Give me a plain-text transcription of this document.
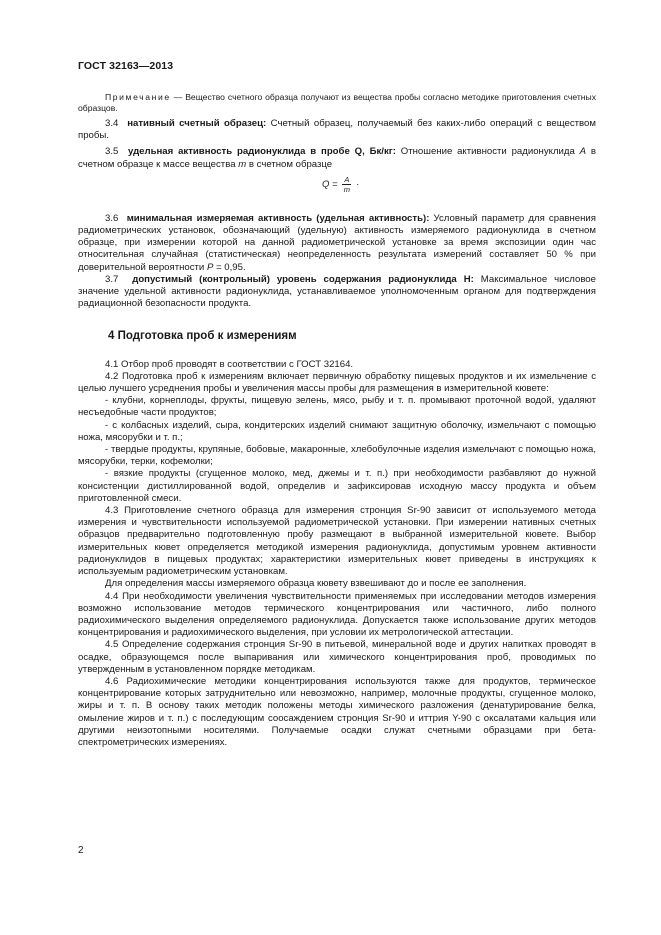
ГОСТ 32163—2013

Примечание — Вещество счетного образца получают из вещества пробы согласно методике приготовления счетных образцов.

3.4 нативный счетный образец: Счетный образец, получаемый без каких-либо операций с веществом пробы.

3.5 удельная активность радионуклида в пробе Q, Бк/кг: Отношение активности радионуклида А в счетном образце к массе вещества m в счетном образце

$Q = \frac{A}{m}$ ·

3.6 минимальная измеряемая активность (удельная активность): Условный параметр для сравнения радиометрических установок, обозначающий (удельную) активность измеряемого радионуклида в счетном образце, при измерении которой на данной радиометрической установке за время экспозиции один час относительная случайная (статистическая) неопределенность результата измерений составляет 50 % при доверительной вероятности P = 0,95.

3.7 допустимый (контрольный) уровень содержания радионуклида H: Максимальное числовое значение удельной активности радионуклида, устанавливаемое уполномоченным органом для подтверждения радиационной безопасности продукта.

4 Подготовка проб к измерениям

4.1 Отбор проб проводят в соответствии с ГОСТ 32164.

4.2 Подготовка проб к измерениям включает первичную обработку пищевых продуктов и их измельчение с целью лучшего усреднения пробы и увеличения массы пробы для размещения в измерительной кювете:

- клубни, корнеплоды, фрукты, пищевую зелень, мясо, рыбу и т. п. промывают проточной водой, удаляют несъедобные части продуктов;

- с колбасных изделий, сыра, кондитерских изделий снимают защитную оболочку, измельчают с помощью ножа, мясорубки и т. п.;

- твердые продукты, крупяные, бобовые, макаронные, хлебобулочные изделия измельчают с помощью ножа, мясорубки, терки, кофемолки;

- вязкие продукты (сгущенное молоко, мед, джемы и т. п.) при необходимости разбавляют до нужной консистенции дистиллированной водой, определив и зафиксировав исходную массу продукта и объем приготовленной смеси.

4.3 Приготовление счетного образца для измерения стронция Sr-90 зависит от используемого метода измерения и чувствительности используемой радиометрической установки. При измерении нативных счетных образцов предварительно подготовленную пробу размещают в выбранной измерительной кювете. Выбор измерительных кювет определяется методикой измерения радионуклида, допустимым уровнем активности радионуклидов в пищевых продуктах; характеристики измерительных кювет приведены в инструкциях к используемым радиометрическим установкам.

Для определения массы измеряемого образца кювету взвешивают до и после ее заполнения.

4.4 При необходимости увеличения чувствительности применяемых при исследовании методов измерения возможно использование методов термического концентрирования или частичного, либо полного радиохимического выделения определяемого радионуклида. Допускается также использование других методов концентрирования и радиохимического выделения, при условии их метрологической аттестации.

4.5 Определение содержания стронция Sr-90 в питьевой, минеральной воде и других напитках проводят в осадке, образующемся после выпаривания или химического концентрирования проб, проводимых по утвержденным в установленном порядке методикам.

4.6 Радиохимические методики концентрирования используются также для продуктов, термическое концентрирование которых затруднительно или невозможно, например, молочные продукты, сгущенное молоко, жиры и т. п. В основу таких методик положены методы химического разложения (денатурирование белка, омыление жиров и т. п.) с последующим соосаждением стронция Sr-90 и иттрия Y-90 с оксалатами кальция или другими неизотопными носителями. Получаемые осадки служат счетными образцами при бета-спектрометрических измерениях.

2
